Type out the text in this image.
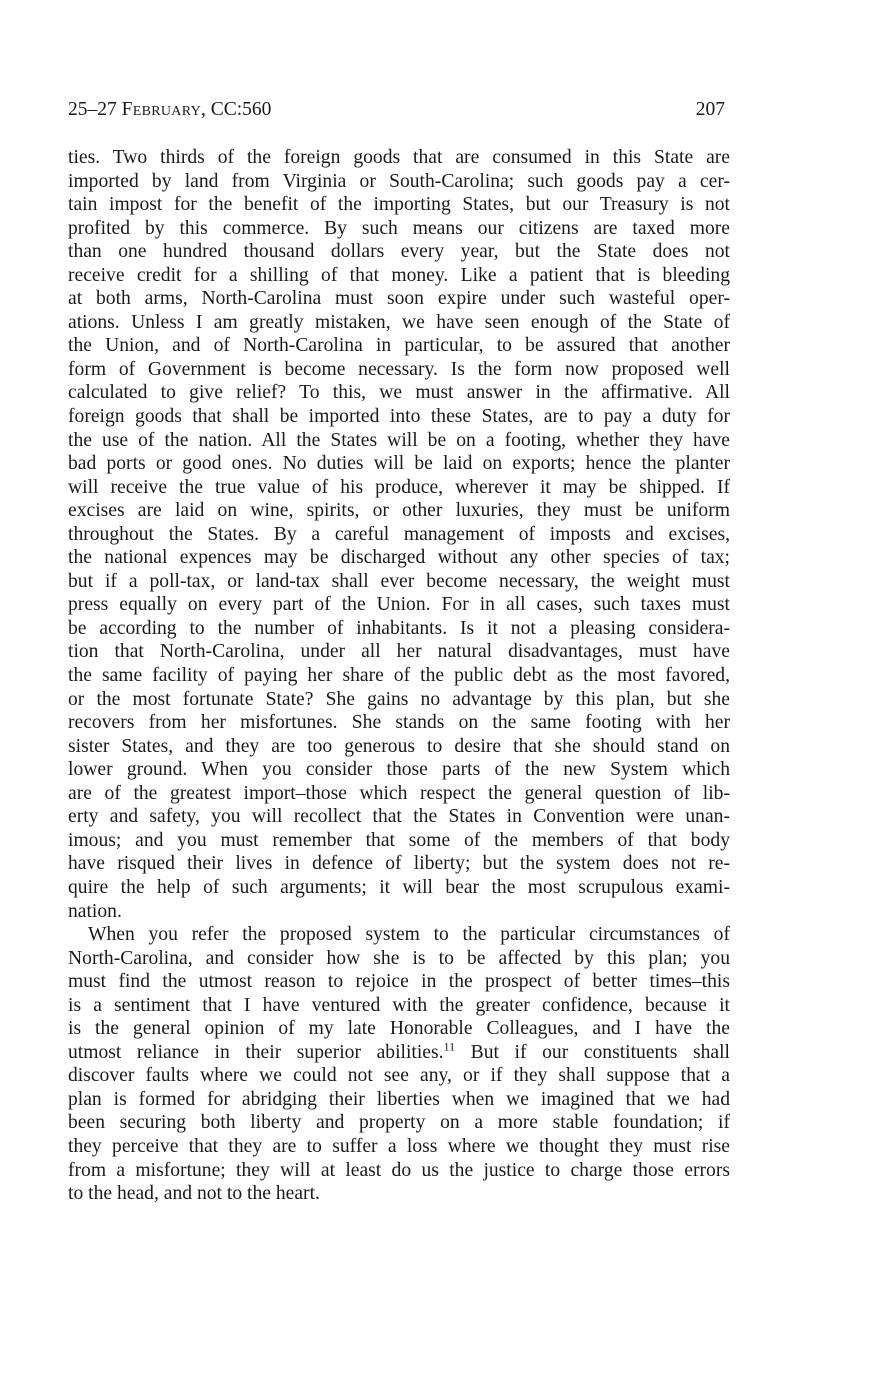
25–27 February, CC:560	207
ties. Two thirds of the foreign goods that are consumed in this State are
imported by land from Virginia or South-Carolina; such goods pay a cer-
tain impost for the benefit of the importing States, but our Treasury is not
profited by this commerce. By such means our citizens are taxed more
than one hundred thousand dollars every year, but the State does not
receive credit for a shilling of that money. Like a patient that is bleeding
at both arms, North-Carolina must soon expire under such wasteful oper-
ations. Unless I am greatly mistaken, we have seen enough of the State of
the Union, and of North-Carolina in particular, to be assured that another
form of Government is become necessary. Is the form now proposed well
calculated to give relief? To this, we must answer in the affirmative. All
foreign goods that shall be imported into these States, are to pay a duty for
the use of the nation. All the States will be on a footing, whether they have
bad ports or good ones. No duties will be laid on exports; hence the planter
will receive the true value of his produce, wherever it may be shipped. If
excises are laid on wine, spirits, or other luxuries, they must be uniform
throughout the States. By a careful management of imposts and excises,
the national expences may be discharged without any other species of tax;
but if a poll-tax, or land-tax shall ever become necessary, the weight must
press equally on every part of the Union. For in all cases, such taxes must
be according to the number of inhabitants. Is it not a pleasing considera-
tion that North-Carolina, under all her natural disadvantages, must have
the same facility of paying her share of the public debt as the most favored,
or the most fortunate State? She gains no advantage by this plan, but she
recovers from her misfortunes. She stands on the same footing with her
sister States, and they are too generous to desire that she should stand on
lower ground. When you consider those parts of the new System which
are of the greatest import–those which respect the general question of lib-
erty and safety, you will recollect that the States in Convention were unan-
imous; and you must remember that some of the members of that body
have risqued their lives in defence of liberty; but the system does not re-
quire the help of such arguments; it will bear the most scrupulous exami-
nation.
When you refer the proposed system to the particular circumstances of
North-Carolina, and consider how she is to be affected by this plan; you
must find the utmost reason to rejoice in the prospect of better times–this
is a sentiment that I have ventured with the greater confidence, because it
is the general opinion of my late Honorable Colleagues, and I have the
utmost reliance in their superior abilities.$^{11}$ But if our constituents shall
discover faults where we could not see any, or if they shall suppose that a
plan is formed for abridging their liberties when we imagined that we had
been securing both liberty and property on a more stable foundation; if
they perceive that they are to suffer a loss where we thought they must rise
from a misfortune; they will at least do us the justice to charge those errors
to the head, and not to the heart.
